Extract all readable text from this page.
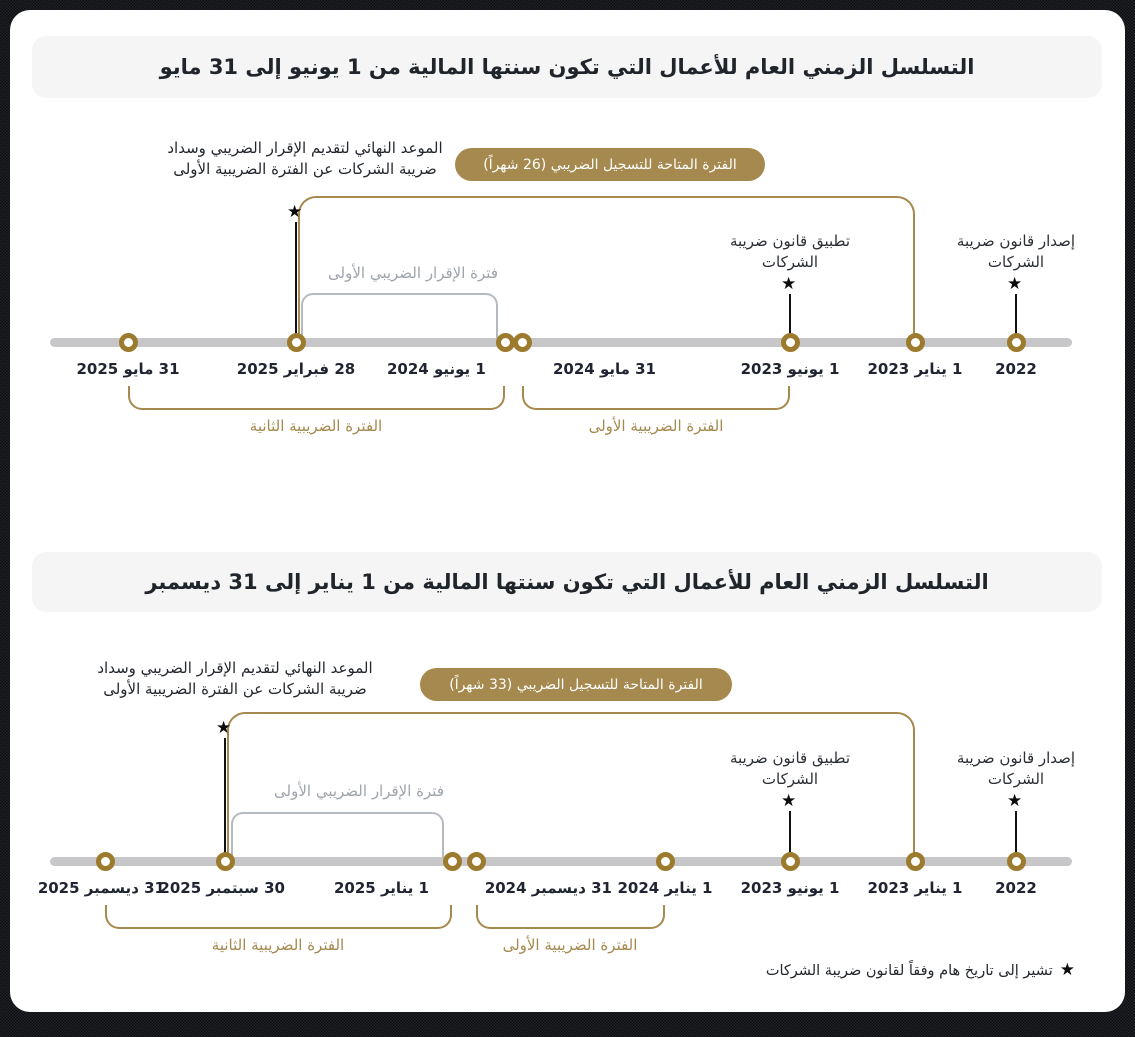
التسلسل الزمني العام للأعمال التي تكون سنتها المالية من 1 يونيو إلى 31 مايو
الموعد النهائي لتقديم الإقرار الضريبي وسداد ضريبة الشركات عن الفترة الضريبية الأولى	الفترة المتاحة للتسجيل الضريبي (26 شهراً)
فترة الإقرار الضريبي الأولى
★
تطبيق قانون ضريبة الشركات
★
إصدار قانون ضريبة الشركات
★
31 مايو 2025	28 فبراير 2025 1 يونيو 2024	31 مايو 2024	1 يونيو 2023	1 يناير 2023	2022
الفترة الضريبية الثانية	الفترة الضريبية الأولى
التسلسل الزمني العام للأعمال التي تكون سنتها المالية من 1 يناير إلى 31 ديسمبر
الموعد النهائي لتقديم الإقرار الضريبي وسداد ضريبة الشركات عن الفترة الضريبية الأولى	الفترة المتاحة للتسجيل الضريبي (33 شهراً)
فترة الإقرار الضريبي الأولى
★
تطبيق قانون ضريبة الشركات
★
إصدار قانون ضريبة الشركات
★
31 ديسمبر 2025
30 سبتمبر 2025	1 يناير 2025	31 ديسمبر 2024 1 يناير 2024	1 يونيو 2023	1 يناير 2023	2022
الفترة الضريبية الثانية	الفترة الضريبية الأولى
★
تشير إلى تاريخ هام وفقاً لقانون ضريبة الشركات
